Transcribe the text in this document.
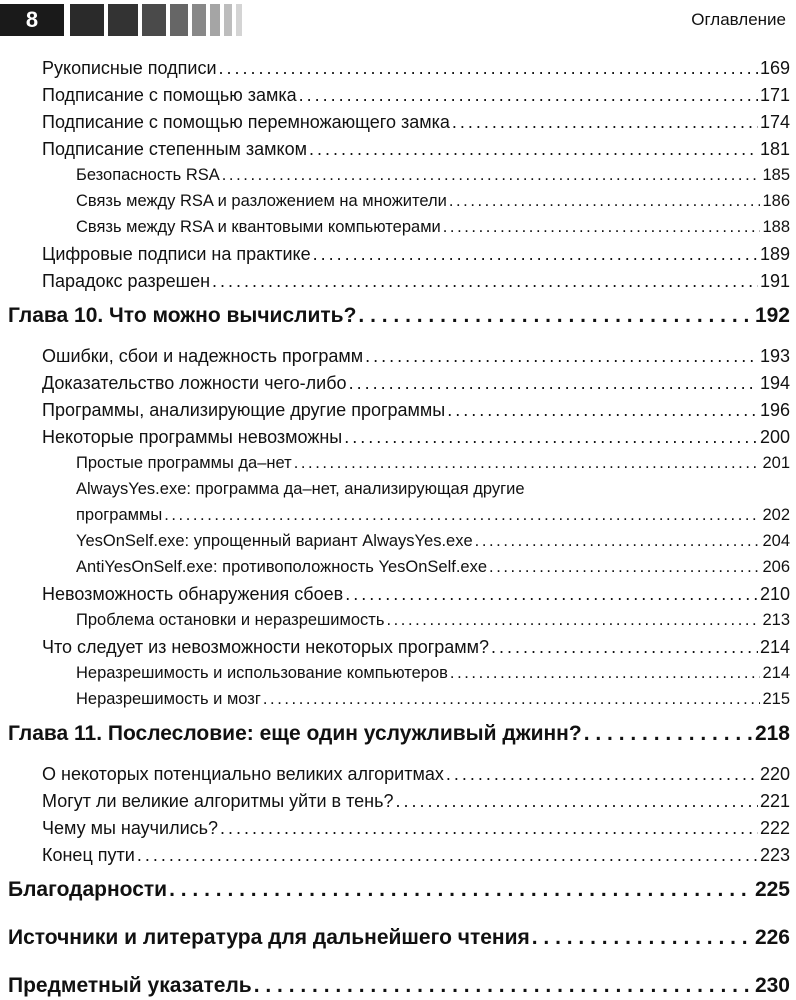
8	Оглавление
Рукописные подписи . . .	169
Подписание с помощью замка . . .	171
Подписание с помощью перемножающего замка . . .	174
Подписание степенным замком . . .	181
Безопасность RSA . . .	185
Связь между RSA и разложением на множители . . .	186
Связь между RSA и квантовыми компьютерами . . .	188
Цифровые подписи на практике . . .	189
Парадокс разрешен . . .	191
Глава 10. Что можно вычислить? . . .	192
Ошибки, сбои и надежность программ . . .	193
Доказательство ложности чего-либо . . .	194
Программы, анализирующие другие программы . . .	196
Некоторые программы невозможны . . .	200
Простые программы да–нет . . .	201
AlwaysYes.exe: программа да–нет, анализирующая другие
программы . . .	202
YesOnSelf.exe: упрощенный вариант AlwaysYes.exe . . .	204
AntiYesOnSelf.exe: противоположность YesOnSelf.exe . . .	206
Невозможность обнаружения сбоев . . .	210
Проблема остановки и неразрешимость . . .	213
Что следует из невозможности некоторых программ? . . .	214
Неразрешимость и использование компьютеров . . .	214
Неразрешимость и мозг . . .	215
Глава 11. Послесловие: еще один услужливый джинн? . . .	218
О некоторых потенциально великих алгоритмах . . .	220
Могут ли великие алгоритмы уйти в тень? . . .	221
Чему мы научились? . . .	222
Конец пути . . .	223
Благодарности . . .	225
Источники и литература для дальнейшего чтения . . .	226
Предметный указатель . . .	230
